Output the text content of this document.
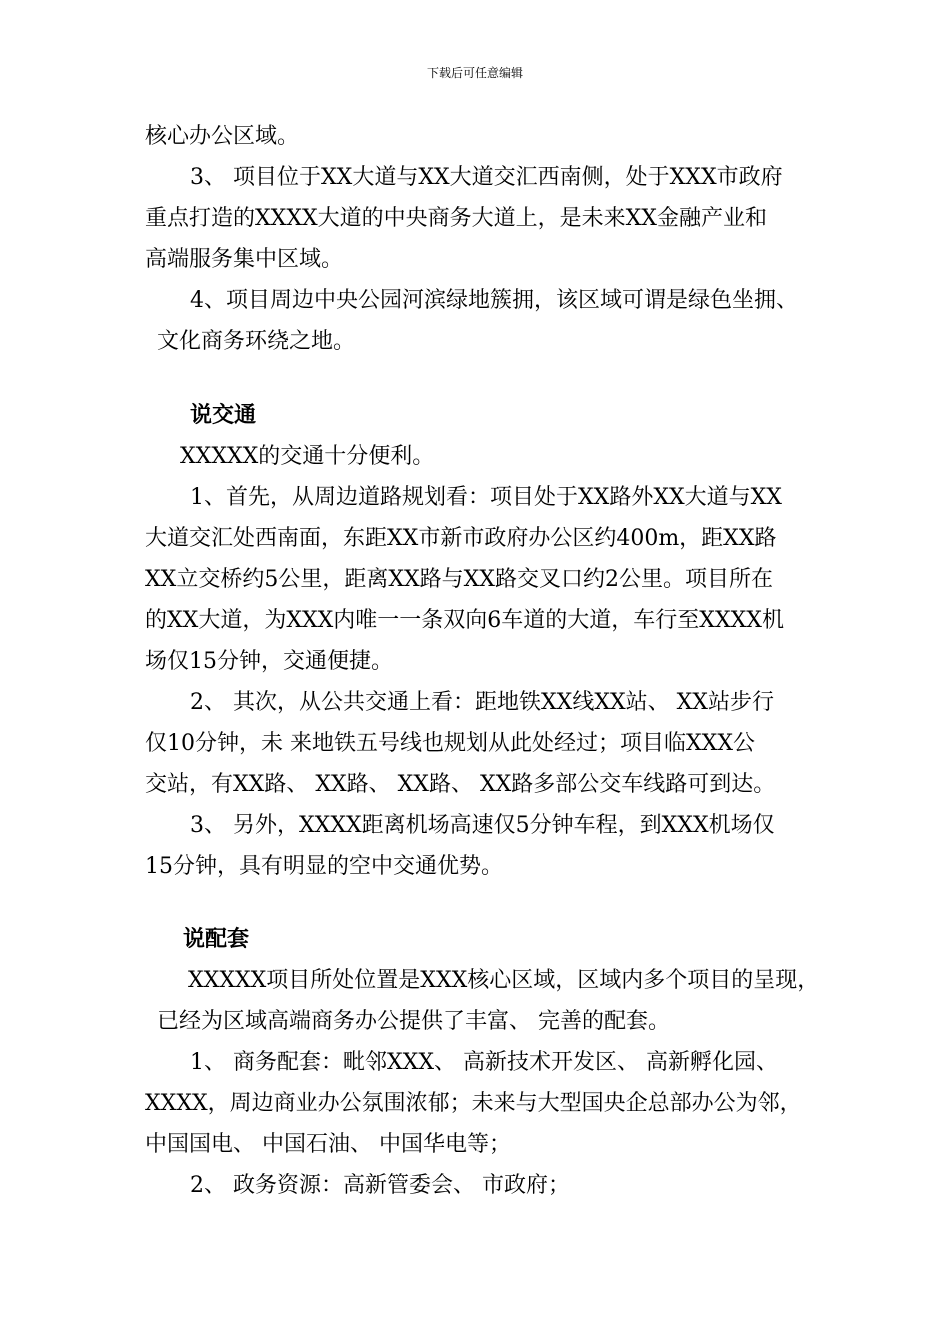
下载后可任意编辑
核心办公区域。
3、 项目位于XX大道与XX大道交汇西南侧，处于XXX市政府
重点打造的XXXX大道的中央商务大道上，是未来XX金融产业和
高端服务集中区域。
4、项目周边中央公园河滨绿地簇拥，该区域可谓是绿色坐拥、
文化商务环绕之地。
说交通
XXXXX的交通十分便利。
1、首先，从周边道路规划看：项目处于XX路外XX大道与XX
大道交汇处西南面，东距XX市新市政府办公区约400m，距XX路
XX立交桥约5公里，距离XX路与XX路交叉口约2公里。项目所在
的XX大道，为XXX内唯一一条双向6车道的大道，车行至XXXX机
场仅15分钟，交通便捷。
2、 其次，从公共交通上看：距地铁XX线XX站、 XX站步行
仅10分钟，未 来地铁五号线也规划从此处经过；项目临XXX公
交站，有XX路、 XX路、 XX路、 XX路多部公交车线路可到达。
3、 另外，XXXX距离机场高速仅5分钟车程，到XXX机场仅
15分钟，具有明显的空中交通优势。
说配套
XXXXX项目所处位置是XXX核心区域，区域内多个项目的呈现，
已经为区域高端商务办公提供了丰富、 完善的配套。
1、 商务配套：毗邻XXX、 高新技术开发区、 高新孵化园、
XXXX，周边商业办公氛围浓郁；未来与大型国央企总部办公为邻，
中国国电、 中国石油、 中国华电等；
2、 政务资源：高新管委会、 市政府；
